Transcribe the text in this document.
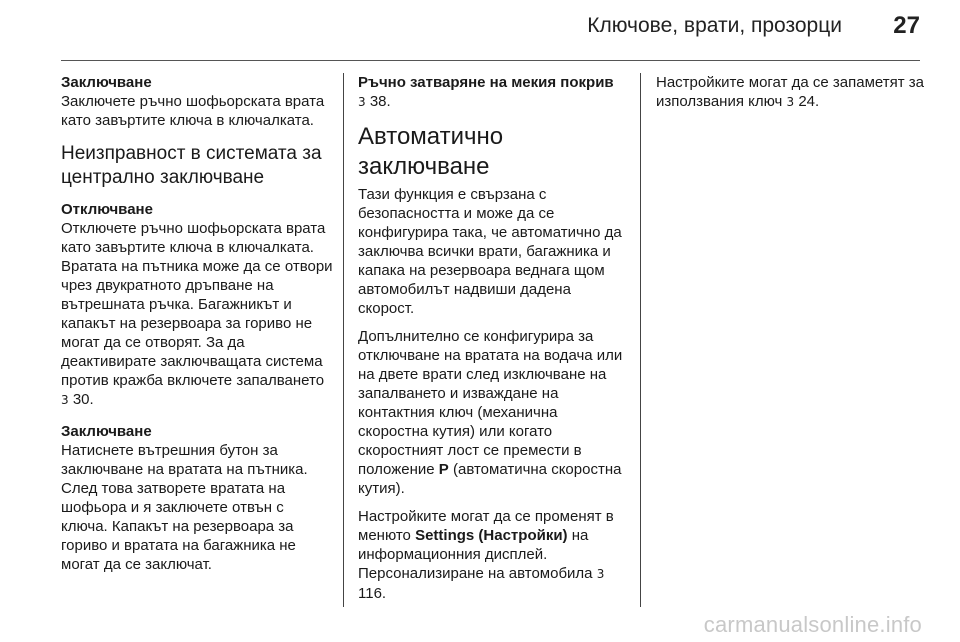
Ключове, врати, прозорци 27

Заключване

Заключете ръчно шофьорската врата като завъртите ключа в ключалката.

Неизправност в системата за централно заключване

Отключване

Отключете ръчно шофьорската врата като завъртите ключа в ключалката. Вратата на пътника може да се отвори чрез двукратното дръпване на вътрешната ръчка. Багажникът и капакът на резервоара за гориво не могат да се отворят. За да деактивирате заключващата система против кражба включете запалването 3 30.

Заключване

Натиснете вътрешния бутон за заключване на вратата на пътника. След това затворете вратата на шофьора и я заключете отвън с ключа. Капакът на резервоара за гориво и вратата на багажника не могат да се заключат.

Ръчно затваряне на мекия покрив

3 38.

Автоматично заключване

Тази функция е свързана с безопасността и може да се конфигурира така, че автоматично да заключва всички врати, багажника и капака на резервоара веднага щом автомобилът надвиши дадена скорост.

Допълнително се конфигурира за отключване на вратата на водача или на двете врати след изключване на запалването и изваждане на контактния ключ (механична скоростна кутия) или когато скоростният лост се премести в положение P (автоматична скоростна кутия).

Настройките могат да се променят в менюто Settings (Настройки) на информационния дисплей. Персонализиране на автомобила 3 116.

Настройките могат да се запаметят за използвания ключ 3 24.

carmanualsonline.info
